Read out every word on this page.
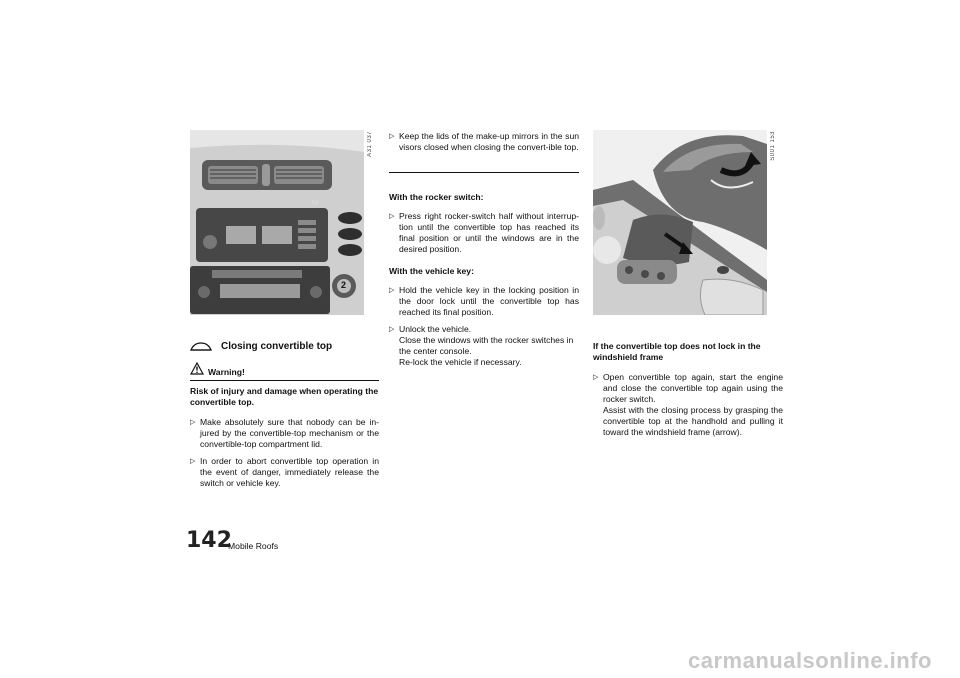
M
2
A31 037
Closing convertible top
Warning!
Risk of injury and damage when operating the convertible top.
▷ Make absolutely sure that nobody can be in-jured by the convertible-top mechanism or the convertible-top compartment lid.
▷ In order to abort convertible top operation in the event of danger, immediately release the switch or vehicle key.
▷ Keep the lids of the make-up mirrors in the sun visors closed when closing the convert-ible top.
With the rocker switch:
▷ Press right rocker-switch half without interrup-tion until the convertible top has reached its final position or until the windows are in the desired position.
With the vehicle key:
▷ Hold the vehicle key in the locking position in the door lock until the convertible top has reached its final position.
▷ Unlock the vehicle.
Close the windows with the rocker switches in the center console.
Re-lock the vehicle if necessary.
S001 153
If the convertible top does not lock in the windshield frame
▷ Open convertible top again, start the engine and close the convertible top again using the rocker switch.
Assist with the closing process by grasping the convertible top at the handhold and pulling it toward the windshield frame (arrow).
142
Mobile Roofs
carmanualsonline.info
